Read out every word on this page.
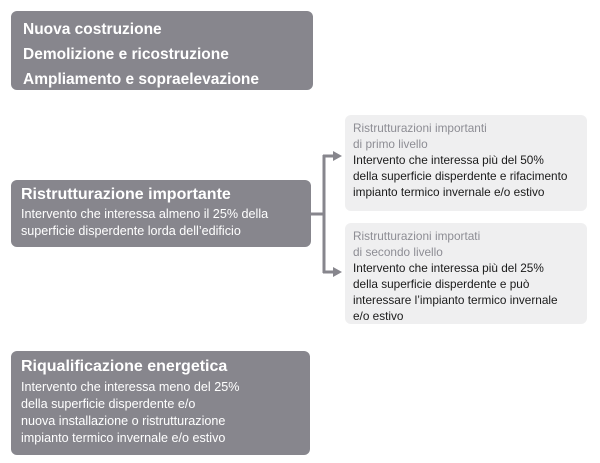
Nuova costruzione
Demolizione e ricostruzione
Ampliamento e sopraelevazione
Ristrutturazione importante
Intervento che interessa almeno il 25% della
superficie disperdente lorda dell’edificio
Riqualificazione energetica
Intervento che interessa meno del 25%
della superficie disperdente e/o
nuova installazione o ristrutturazione
impianto termico invernale e/o estivo
Ristrutturazioni importanti
di primo livello
Intervento che interessa più del 50%
della superficie disperdente e rifacimento
impianto termico invernale e/o estivo
Ristrutturazioni importati
di secondo livello
Intervento che interessa più del 25%
della superficie disperdente e può
interessare l’impianto termico invernale
e/o estivo
